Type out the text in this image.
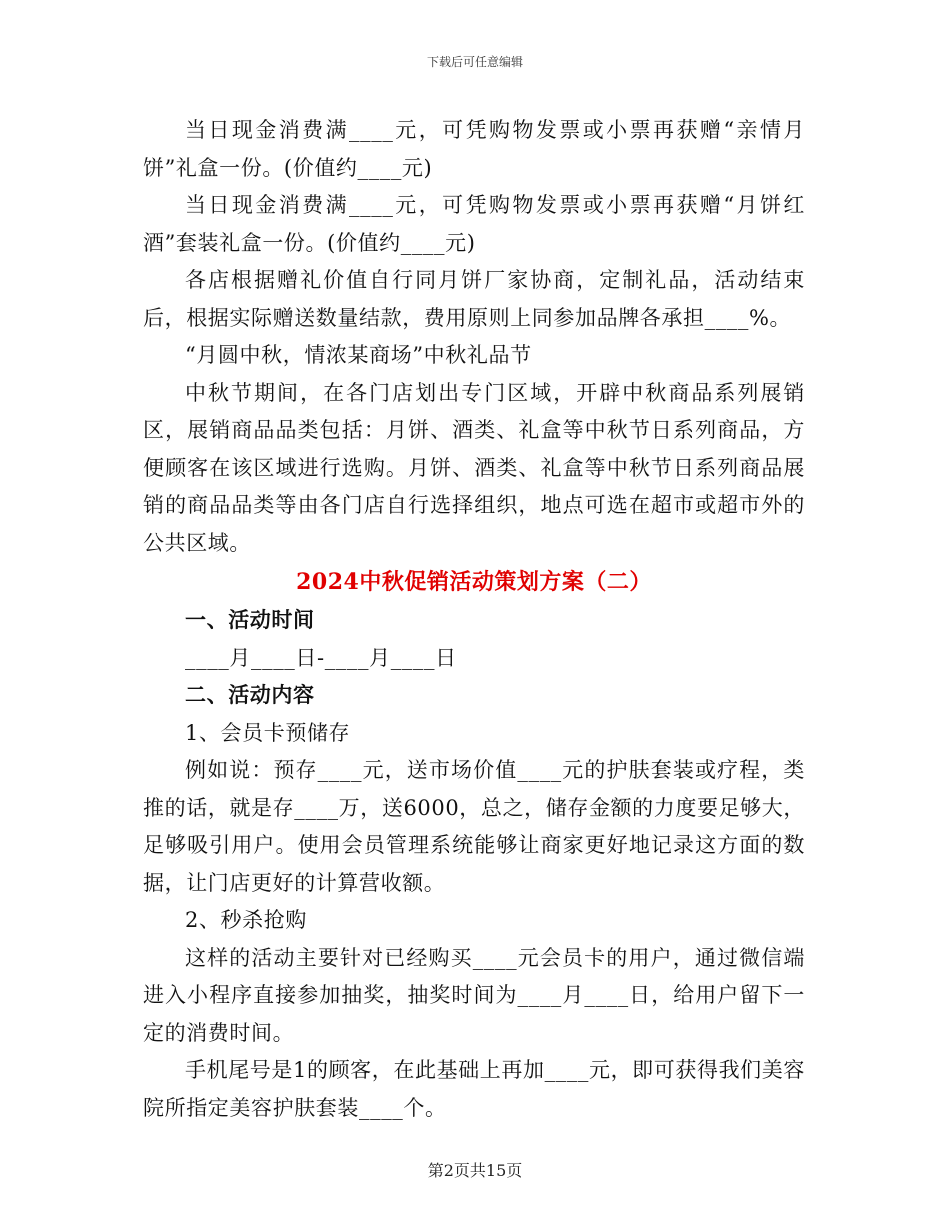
下载后可任意编辑

当日现金消费满____元，可凭购物发票或小票再获赠“亲情月饼”礼盒一份。(价值约____元)

当日现金消费满____元，可凭购物发票或小票再获赠“月饼红酒”套装礼盒一份。(价值约____元)

各店根据赠礼价值自行同月饼厂家协商，定制礼品，活动结束后，根据实际赠送数量结款，费用原则上同参加品牌各承担____%。

“月圆中秋，情浓某商场”中秋礼品节

中秋节期间，在各门店划出专门区域，开辟中秋商品系列展销区，展销商品品类包括：月饼、酒类、礼盒等中秋节日系列商品，方便顾客在该区域进行选购。月饼、酒类、礼盒等中秋节日系列商品展销的商品品类等由各门店自行选择组织，地点可选在超市或超市外的公共区域。

2024中秋促销活动策划方案（二）

一、活动时间

____月____日-____月____日

二、活动内容

1、会员卡预储存

例如说：预存____元，送市场价值____元的护肤套装或疗程，类推的话，就是存____万，送6000，总之，储存金额的力度要足够大，足够吸引用户。使用会员管理系统能够让商家更好地记录这方面的数据，让门店更好的计算营收额。

2、秒杀抢购

这样的活动主要针对已经购买____元会员卡的用户，通过微信端进入小程序直接参加抽奖，抽奖时间为____月____日，给用户留下一定的消费时间。

手机尾号是1的顾客，在此基础上再加____元，即可获得我们美容院所指定美容护肤套装____个。

第2页共15页
